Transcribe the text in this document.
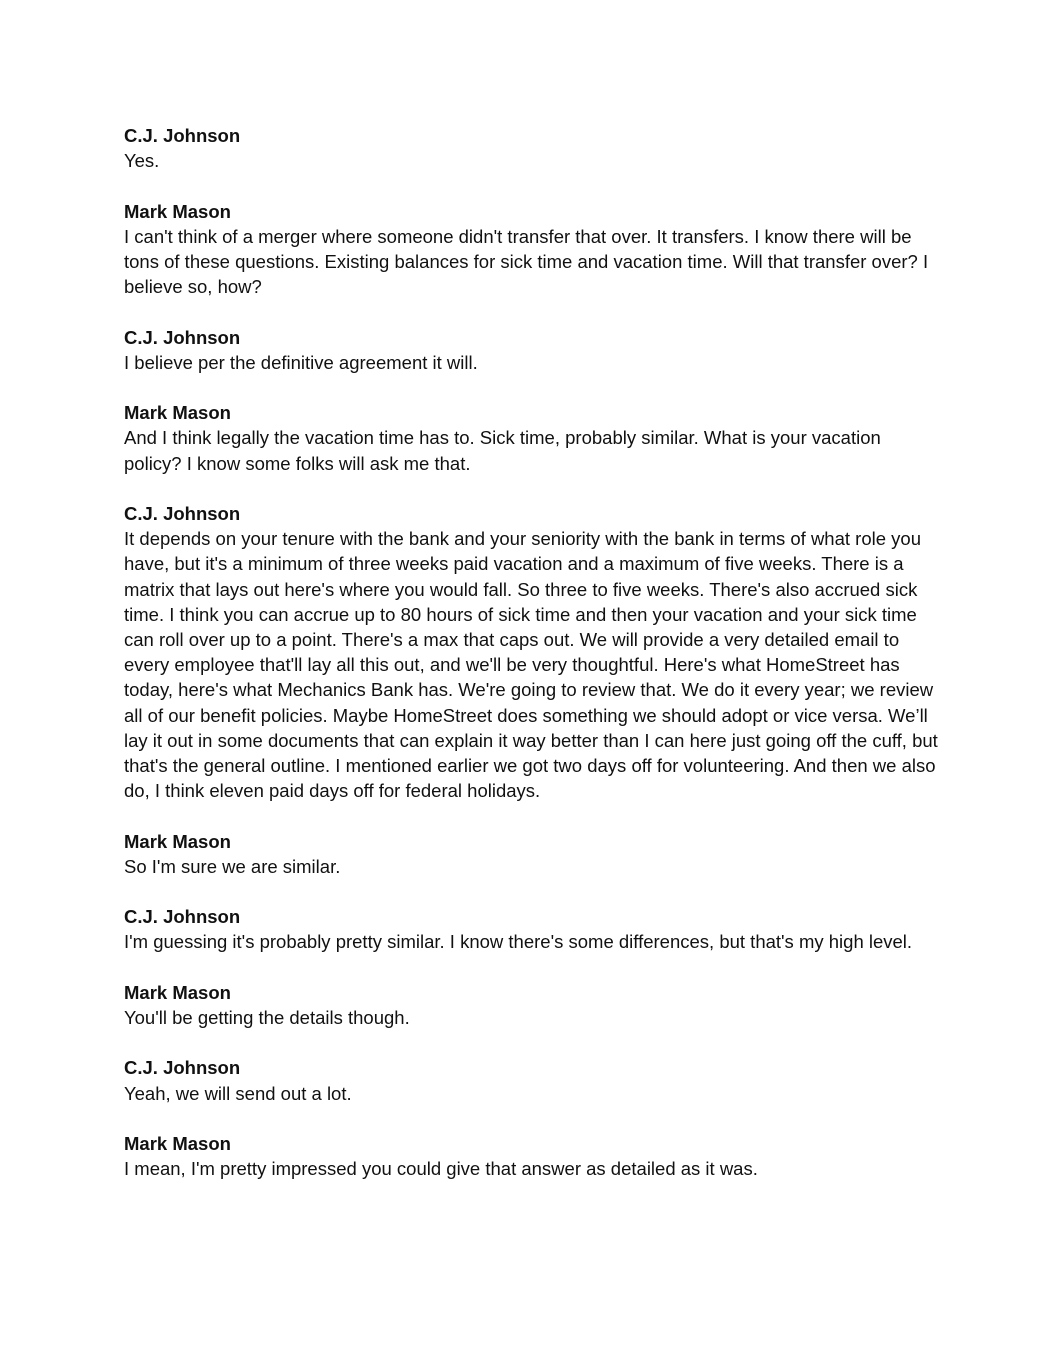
C.J. Johnson
Yes.
Mark Mason
I can't think of a merger where someone didn't transfer that over. It transfers. I know there will be tons of these questions. Existing balances for sick time and vacation time. Will that transfer over? I believe so, how?
C.J. Johnson
I believe per the definitive agreement it will.
Mark Mason
And I think legally the vacation time has to. Sick time, probably similar. What is your vacation policy? I know some folks will ask me that.
C.J. Johnson
It depends on your tenure with the bank and your seniority with the bank in terms of what role you have, but it's a minimum of three weeks paid vacation and a maximum of five weeks. There is a matrix that lays out here's where you would fall. So three to five weeks. There's also accrued sick time. I think you can accrue up to 80 hours of sick time and then your vacation and your sick time can roll over up to a point. There's a max that caps out. We will provide a very detailed email to every employee that'll lay all this out, and we'll be very thoughtful. Here's what HomeStreet has today, here's what Mechanics Bank has. We're going to review that. We do it every year; we review all of our benefit policies. Maybe HomeStreet does something we should adopt or vice versa. We’ll lay it out in some documents that can explain it way better than I can here just going off the cuff, but that's the general outline. I mentioned earlier we got two days off for volunteering. And then we also do, I think eleven paid days off for federal holidays.
Mark Mason
So I'm sure we are similar.
C.J. Johnson
I'm guessing it's probably pretty similar. I know there's some differences, but that's my high level.
Mark Mason
You'll be getting the details though.
C.J. Johnson
Yeah, we will send out a lot.
Mark Mason
I mean, I'm pretty impressed you could give that answer as detailed as it was.
